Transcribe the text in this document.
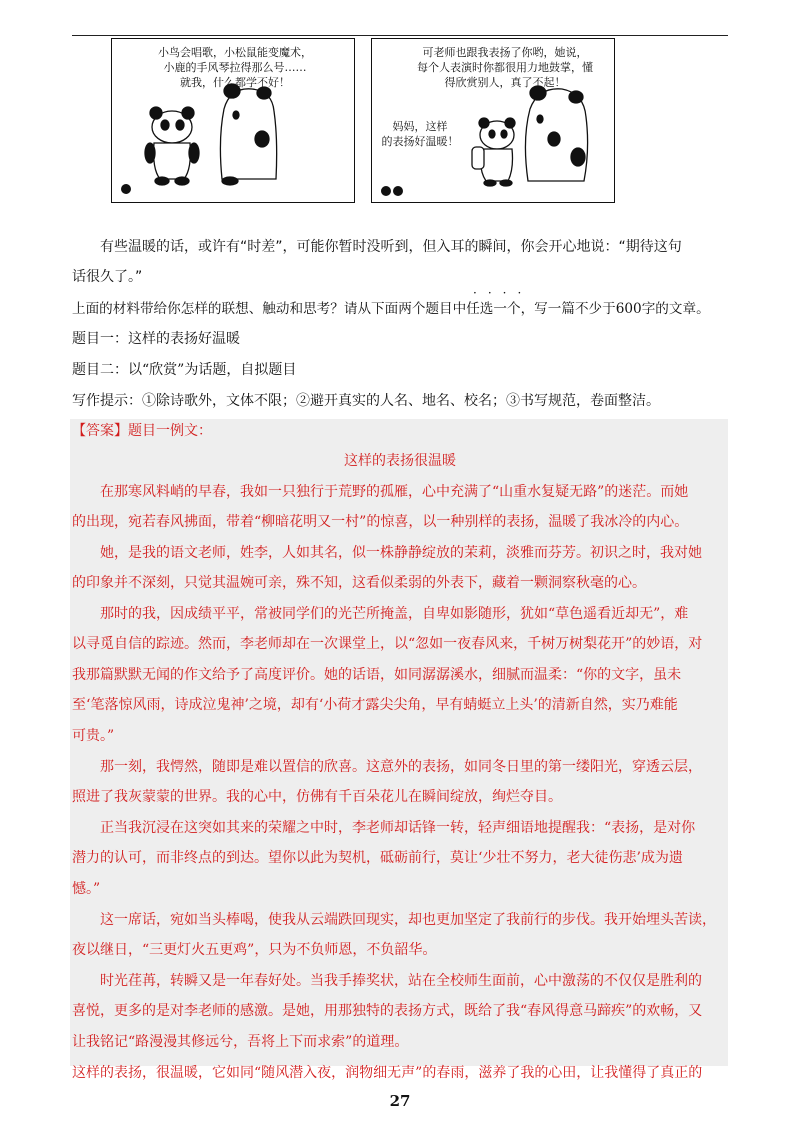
小鸟会唱歌，小松鼠能变魔术，
小鹿的手风琴拉得那么号……
就我，什么都学不好！
可老师也跟我表扬了你哟，她说，
每个人表演时你都很用力地鼓掌，懂
得欣赏别人，真了不起！
妈妈，这样
的表扬好温暖！
有些温暖的话，或许有“时差”，可能你暂时没听到，但入耳的瞬间，你会开心地说：“期待这句
话很久了。”
····
上面的材料带给你怎样的联想、触动和思考？请从下面两个题目中任选一个，写一篇不少于600字的文章。
题目一：这样的表扬好温暖
题目二：以“欣赏”为话题，自拟题目
写作提示：①除诗歌外，文体不限；②避开真实的人名、地名、校名；③书写规范，卷面整洁。
【答案】题目一例文：
这样的表扬很温暖
在那寒风料峭的早春，我如一只独行于荒野的孤雁，心中充满了“山重水复疑无路”的迷茫。而她
的出现，宛若春风拂面，带着“柳暗花明又一村”的惊喜，以一种别样的表扬，温暖了我冰冷的内心。
她，是我的语文老师，姓李，人如其名，似一株静静绽放的茉莉，淡雅而芬芳。初识之时，我对她
的印象并不深刻，只觉其温婉可亲，殊不知，这看似柔弱的外表下，藏着一颗洞察秋毫的心。
那时的我，因成绩平平，常被同学们的光芒所掩盖，自卑如影随形，犹如“草色遥看近却无”，难
以寻觅自信的踪迹。然而，李老师却在一次课堂上，以“忽如一夜春风来，千树万树梨花开”的妙语，对
我那篇默默无闻的作文给予了高度评价。她的话语，如同潺潺溪水，细腻而温柔：“你的文字，虽未
至‘笔落惊风雨，诗成泣鬼神’之境，却有‘小荷才露尖尖角，早有蜻蜓立上头’的清新自然，实乃难能
可贵。”
那一刻，我愕然，随即是难以置信的欣喜。这意外的表扬，如同冬日里的第一缕阳光，穿透云层，
照进了我灰蒙蒙的世界。我的心中，仿佛有千百朵花儿在瞬间绽放，绚烂夺目。
正当我沉浸在这突如其来的荣耀之中时，李老师却话锋一转，轻声细语地提醒我：“表扬，是对你
潜力的认可，而非终点的到达。望你以此为契机，砥砺前行，莫让‘少壮不努力，老大徒伤悲’成为遗
憾。”
这一席话，宛如当头棒喝，使我从云端跌回现实，却也更加坚定了我前行的步伐。我开始埋头苦读，
夜以继日，“三更灯火五更鸡”，只为不负师恩，不负韶华。
时光荏苒，转瞬又是一年春好处。当我手捧奖状，站在全校师生面前，心中激荡的不仅仅是胜利的
喜悦，更多的是对李老师的感激。是她，用那独特的表扬方式，既给了我“春风得意马蹄疾”的欢畅，又
让我铭记“路漫漫其修远兮，吾将上下而求索”的道理。
这样的表扬，很温暖，它如同“随风潜入夜，润物细无声”的春雨，滋养了我的心田，让我懂得了真正的
27
